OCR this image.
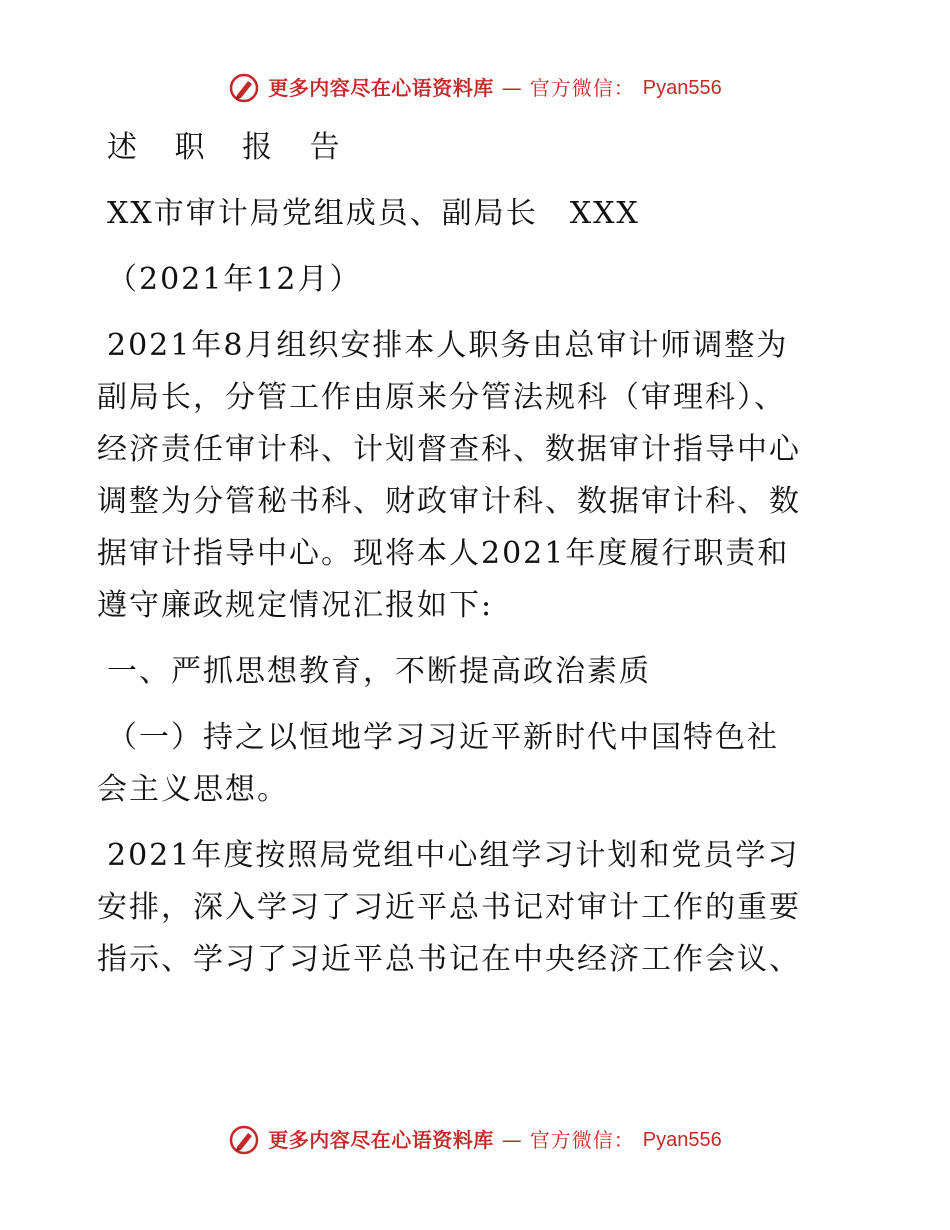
更多内容尽在心语资料库 — 官方微信： Pyan556

述 职 报 告

XX市审计局党组成员、副局长　XXX

（2021年12月）

2021年8月组织安排本人职务由总审计师调整为

副局长，分管工作由原来分管法规科（审理科）、

经济责任审计科、计划督查科、数据审计指导中心

调整为分管秘书科、财政审计科、数据审计科、数

据审计指导中心。现将本人2021年度履行职责和

遵守廉政规定情况汇报如下:

一、严抓思想教育，不断提高政治素质

（一）持之以恒地学习习近平新时代中国特色社

会主义思想。

2021年度按照局党组中心组学习计划和党员学习

安排，深入学习了习近平总书记对审计工作的重要

指示、学习了习近平总书记在中央经济工作会议、

更多内容尽在心语资料库 — 官方微信： Pyan556
